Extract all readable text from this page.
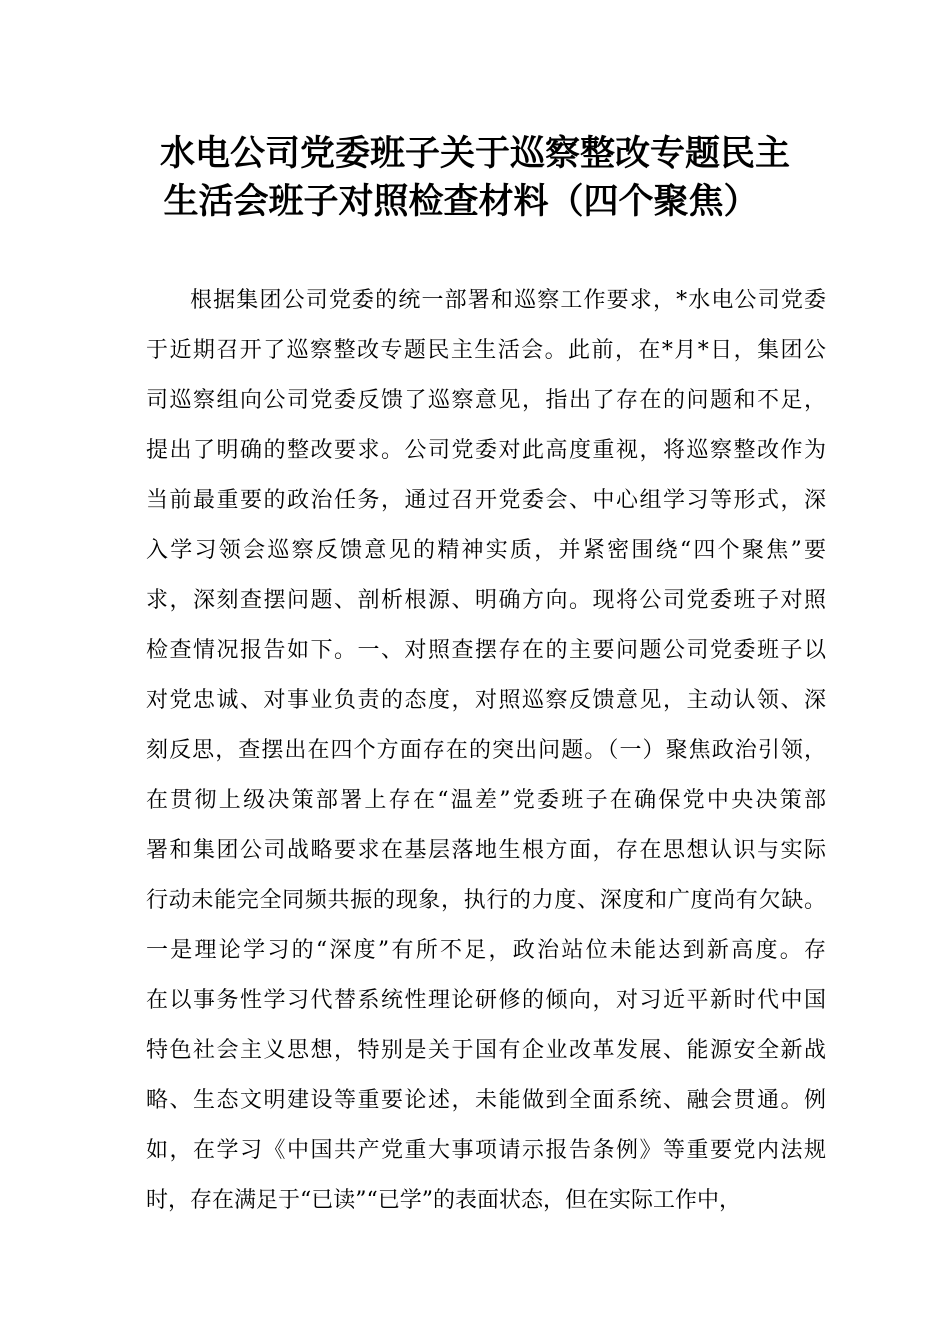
水电公司党委班子关于巡察整改专题民主
生活会班子对照检查材料（四个聚焦）
根据集团公司党委的统一部署和巡察工作要求，*水电公司党委
于近期召开了巡察整改专题民主生活会。此前，在*月*日，集团公
司巡察组向公司党委反馈了巡察意见，指出了存在的问题和不足，
提出了明确的整改要求。公司党委对此高度重视，将巡察整改作为
当前最重要的政治任务，通过召开党委会、中心组学习等形式，深
入学习领会巡察反馈意见的精神实质，并紧密围绕“四个聚焦”要
求，深刻查摆问题、剖析根源、明确方向。现将公司党委班子对照
检查情况报告如下。一、对照查摆存在的主要问题公司党委班子以
对党忠诚、对事业负责的态度，对照巡察反馈意见，主动认领、深
刻反思，查摆出在四个方面存在的突出问题。（一）聚焦政治引领，
在贯彻上级决策部署上存在“温差”党委班子在确保党中央决策部
署和集团公司战略要求在基层落地生根方面，存在思想认识与实际
行动未能完全同频共振的现象，执行的力度、深度和广度尚有欠缺。
一是理论学习的“深度”有所不足，政治站位未能达到新高度。存
在以事务性学习代替系统性理论研修的倾向，对习近平新时代中国
特色社会主义思想，特别是关于国有企业改革发展、能源安全新战
略、生态文明建设等重要论述，未能做到全面系统、融会贯通。例
如，在学习《中国共产党重大事项请示报告条例》等重要党内法规
时，存在满足于“已读”“已学”的表面状态，但在实际工作中，
